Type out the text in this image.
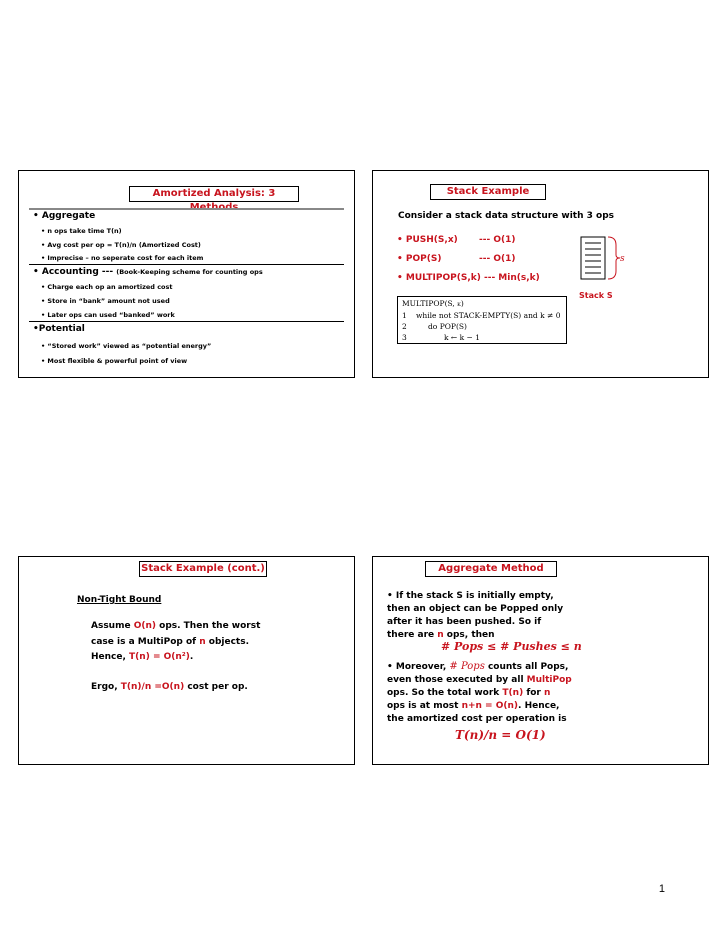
Amortized Analysis: 3
• Aggregate
• n ops take time T(n)
• Avg cost per op = T(n)/n (Amortized Cost)
• Imprecise – no seperate cost for each item
• Accounting --- (Book-Keeping scheme for counting ops
• Charge each op an amortized cost
• Store in “bank” amount not used
• Later ops can used “banked” work
•Potential
• “Stored work” viewed as “potential energy”
• Most flexible & powerful point of view
Stack Example
Consider a stack data structure with 3 ops
• PUSH(S,x) --- O(1)
• POP(S)	--- O(1)
• MULTIPOP(S,k) --- Min(s,k)
s
Stack S
MULTIPOP(S, k)
1 while not STACK-EMPTY(S) and k ≠ 0
2	do POP(S)
3	k ← k − 1
Stack Example (cont.)
Non-Tight Bound
Assume O(n) ops. Then the worst
case is a MultiPop of n objects.
Hence, T(n) = O(n²).
Ergo, T(n)/n =O(n) cost per op.
Aggregate Method
• If the stack S is initially empty,
then an object can be Popped only
after it has been pushed. So if
there are n ops, then
# Pops ≤ # Pushes ≤ n
• Moreover, # Pops counts all Pops,
even those executed by all MultiPop
ops. So the total work T(n) for n
ops is at most n+n = O(n). Hence,
the amortized cost per operation is
T(n)/n = O(1)
1
